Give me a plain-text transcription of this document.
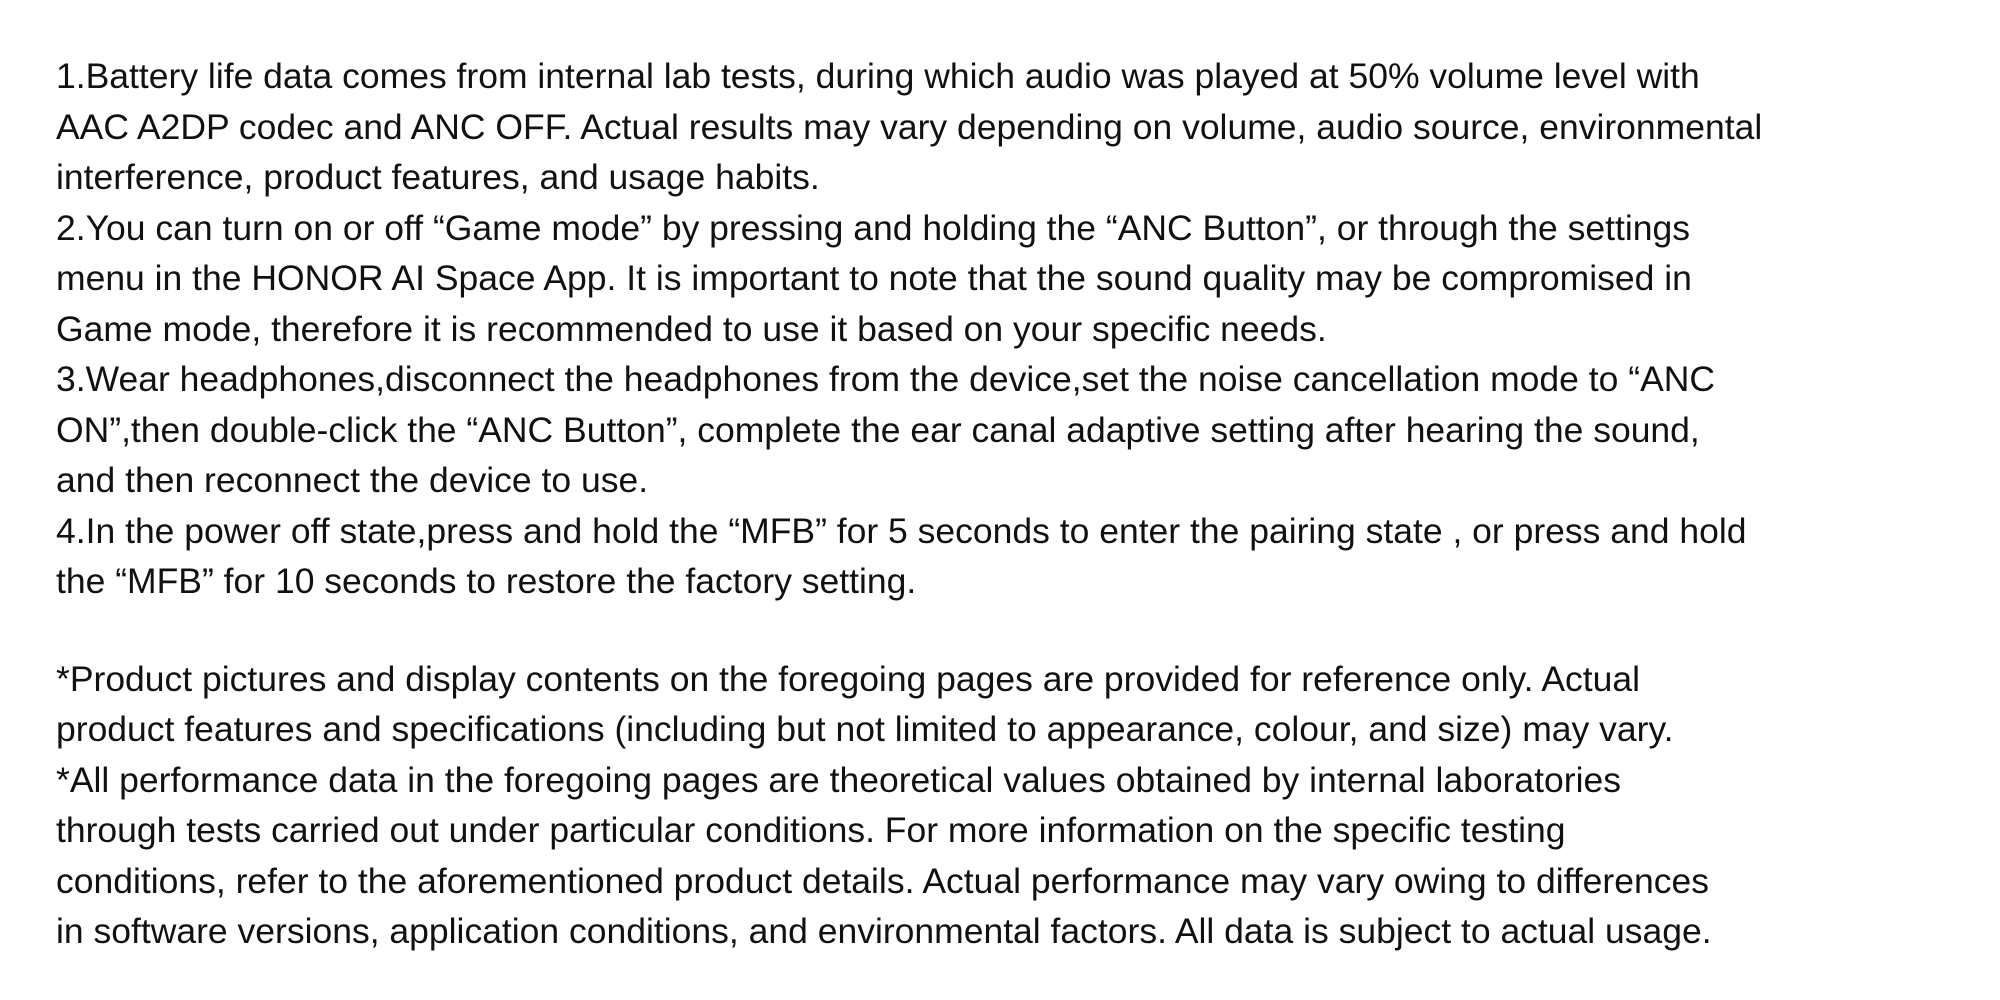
1.Battery life data comes from internal lab tests, during which audio was played at 50% volume level with
AAC A2DP codec and ANC OFF. Actual results may vary depending on volume, audio source, environmental
interference, product features, and usage habits.

2.You can turn on or off “Game mode” by pressing and holding the “ANC Button”, or through the settings
menu in the HONOR AI Space App. It is important to note that the sound quality may be compromised in
Game mode, therefore it is recommended to use it based on your specific needs.

3.Wear headphones,disconnect the headphones from the device,set the noise cancellation mode to “ANC
ON”,then double-click the “ANC Button”, complete the ear canal adaptive setting after hearing the sound,
and then reconnect the device to use.

4.In the power off state,press and hold the “MFB” for 5 seconds to enter the pairing state , or press and hold
the “MFB” for 10 seconds to restore the factory setting.

*Product pictures and display contents on the foregoing pages are provided for reference only. Actual
product features and specifications (including but not limited to appearance, colour, and size) may vary.

*All performance data in the foregoing pages are theoretical values obtained by internal laboratories
through tests carried out under particular conditions. For more information on the specific testing
conditions, refer to the aforementioned product details. Actual performance may vary owing to differences
in software versions, application conditions, and environmental factors. All data is subject to actual usage.
